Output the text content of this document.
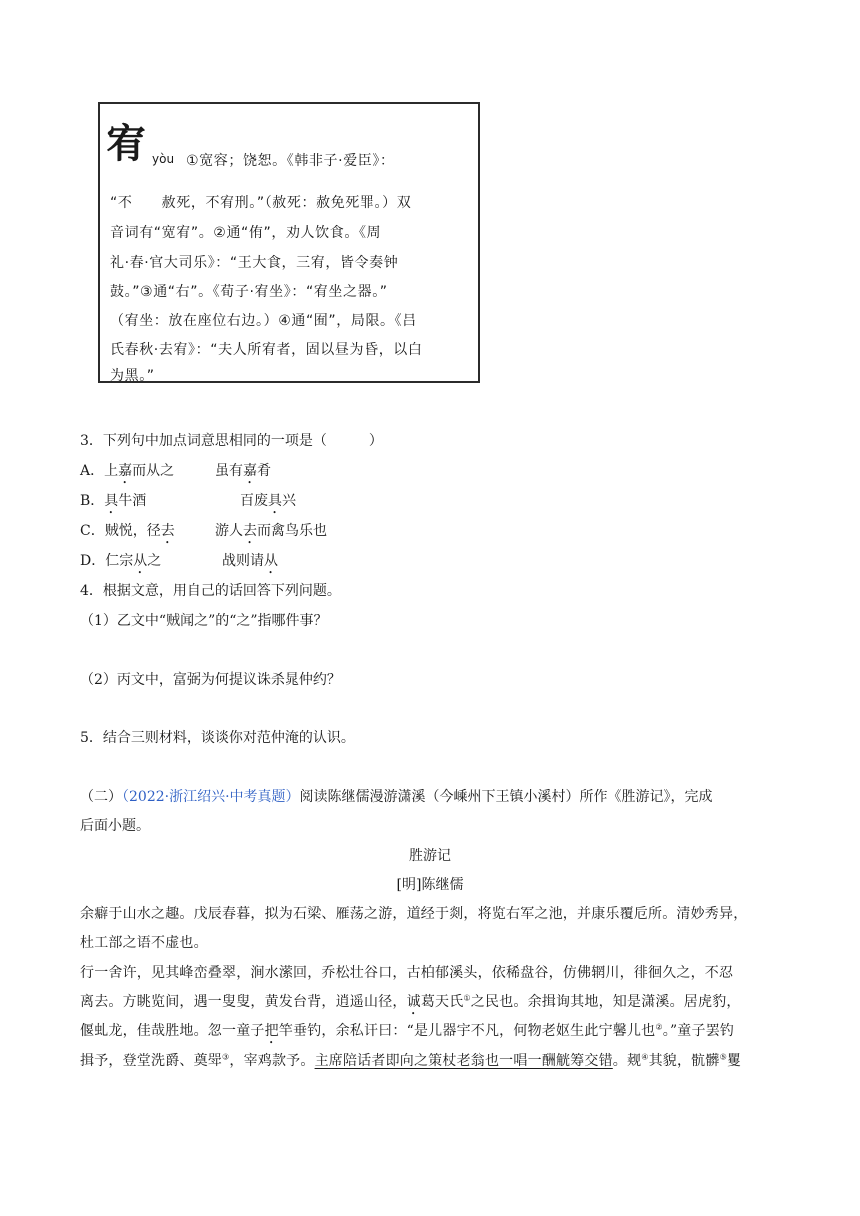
宥 yòu ①宽容；饶恕。《韩非子·爱臣》：
“不　　赦死，不宥刑。”（赦死：赦免死罪。）双
音词有“宽宥”。②通“侑”，劝人饮食。《周
礼·春·官大司乐》：“王大食，三宥，皆令奏钟
鼓。”③通“右”。《荀子·宥坐》：“宥坐之器。”
（宥坐：放在座位右边。）④通“囿”，局限。《吕
氏春秋·去宥》：“夫人所宥者，固以昼为昏，以白
为黑。”
3．下列句中加点词意思相同的一项是（　　　）
A．上嘉而从之	虽有嘉肴
B．具牛酒	百废具兴
C．贼悦，径去	游人去而禽鸟乐也
D．仁宗从之	战则请从
4．根据文意，用自己的话回答下列问题。
（1）乙文中“贼闻之”的“之”指哪件事？
（2）丙文中，富弼为何提议诛杀晁仲约？
5．结合三则材料，谈谈你对范仲淹的认识。
（二）（2022·浙江绍兴·中考真题）阅读陈继儒漫游潇溪（今嵊州下王镇小溪村）所作《胜游记》，完成
后面小题。
胜游记
[明]陈继儒
余癖于山水之趣。戊辰春暮，拟为石梁、雁荡之游，道经于剡，将览右军之池，并康乐覆卮所。清妙秀异，
杜工部之语不虚也。
行一舍许，见其峰峦叠翠，涧水潆回，乔松壮谷口，古柏郁溪头，依稀盘谷，仿佛辋川，徘徊久之，不忍
离去。方眺览间，遇一叟叟，黄发台背，逍遥山径，诚葛天氏①之民也。余揖询其地，知是潇溪。居虎豹，
偃虬龙，佳哉胜地。忽一童子把竿垂钓，余私讦曰：“是儿器宇不凡，何物老妪生此宁馨儿也②。”童子罢钓
揖予，登堂洗爵、奠斝③，宰鸡款予。主席陪话者即向之策杖老翁也一唱一酬觥筹交错。觌④其貌，骯髒⑤矍
